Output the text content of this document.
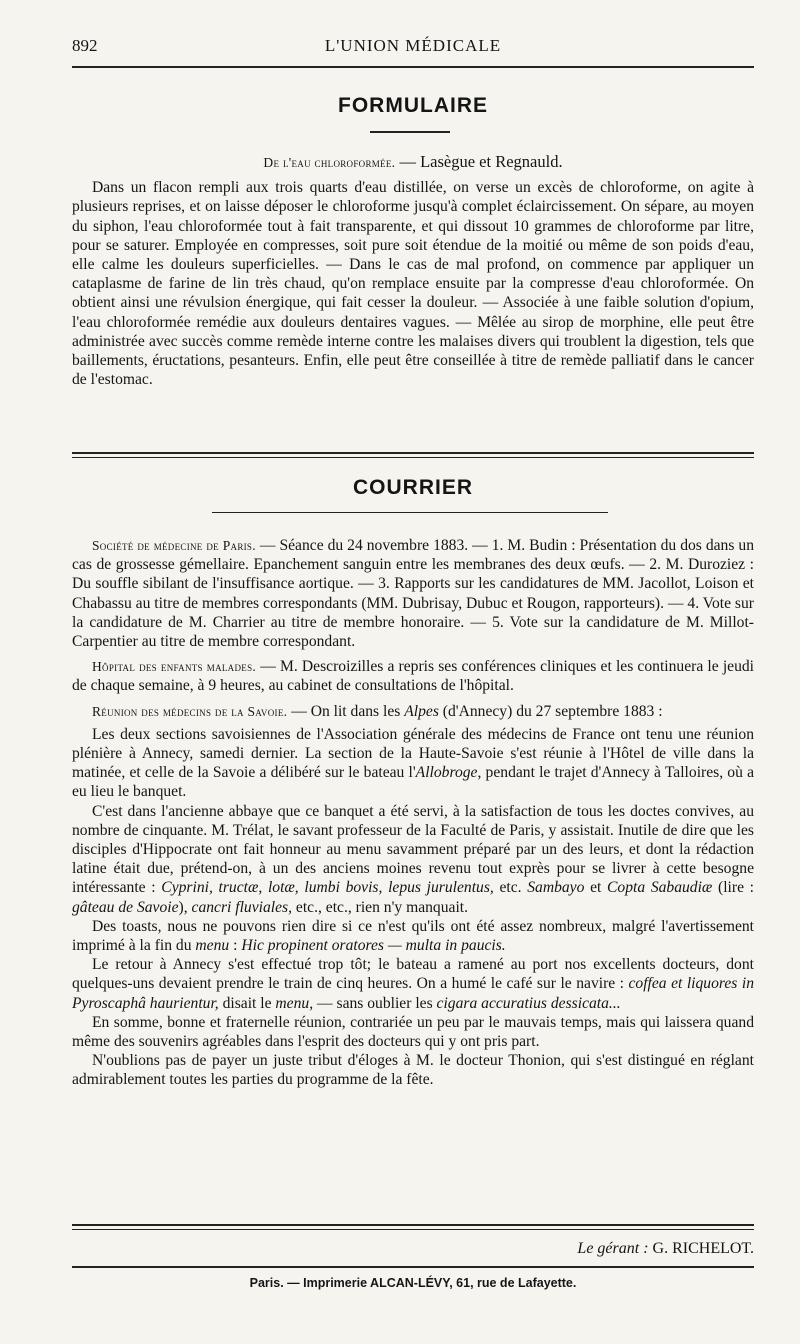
892	L'UNION MÉDICALE
FORMULAIRE
De l'eau chloroformée. — Lasègue et Regnauld.

Dans un flacon rempli aux trois quarts d'eau distillée, on verse un excès de chloroforme, on agite à plusieurs reprises, et on laisse déposer le chloroforme jusqu'à complet éclaircissement. On sépare, au moyen du siphon, l'eau chloroformée tout à fait transparente, et qui dissout 10 grammes de chloroforme par litre, pour se saturer. Employée en compresses, soit pure soit étendue de la moitié ou même de son poids d'eau, elle calme les douleurs superficielles. — Dans le cas de mal profond, on commence par appliquer un cataplasme de farine de lin très chaud, qu'on remplace ensuite par la compresse d'eau chloroformée. On obtient ainsi une révulsion énergique, qui fait cesser la douleur. — Associée à une faible solution d'opium, l'eau chloroformée remédie aux douleurs dentaires vagues. — Mêlée au sirop de morphine, elle peut être administrée avec succès comme remède interne contre les malaises divers qui troublent la digestion, tels que baillements, éructations, pesanteurs. Enfin, elle peut être conseillée à titre de remède palliatif dans le cancer de l'estomac.

COURRIER

Société de médecine de Paris. — Séance du 24 novembre 1883. — 1. M. Budin : Présentation du dos dans un cas de grossesse gémellaire. Epanchement sanguin entre les membranes des deux œufs. — 2. M. Duroziez : Du souffle sibilant de l'insuffisance aortique. — 3. Rapports sur les candidatures de MM. Jacollot, Loison et Chabassu au titre de membres correspondants (MM. Dubrisay, Dubuc et Rougon, rapporteurs). — 4. Vote sur la candidature de M. Charrier au titre de membre honoraire. — 5. Vote sur la candidature de M. Millot-Carpentier au titre de membre correspondant.

Hôpital des enfants malades. — M. Descroizilles a repris ses conférences cliniques et les continuera le jeudi de chaque semaine, à 9 heures, au cabinet de consultations de l'hôpital.

Réunion des médecins de la Savoie. — On lit dans les Alpes (d'Annecy) du 27 septembre 1883 :

Les deux sections savoisiennes de l'Association générale des médecins de France ont tenu une réunion plénière à Annecy, samedi dernier. La section de la Haute-Savoie s'est réunie à l'Hôtel de ville dans la matinée, et celle de la Savoie a délibéré sur le bateau l'Allobroge, pendant le trajet d'Annecy à Talloires, où a eu lieu le banquet.

C'est dans l'ancienne abbaye que ce banquet a été servi, à la satisfaction de tous les doctes convives, au nombre de cinquante. M. Trélat, le savant professeur de la Faculté de Paris, y assistait. Inutile de dire que les disciples d'Hippocrate ont fait honneur au menu savamment préparé par un des leurs, et dont la rédaction latine était due, prétend-on, à un des anciens moines revenu tout exprès pour se livrer à cette besogne intéressante : Cyprini, tructæ, lotæ, lumbi bovis, lepus jurulentus, etc. Sambayo et Copta Sabaudiæ (lire : gâteau de Savoie), cancri fluviales, etc., etc., rien n'y manquait.

Des toasts, nous ne pouvons rien dire si ce n'est qu'ils ont été assez nombreux, malgré l'avertissement imprimé à la fin du menu : Hic propinent oratores — multa in paucis.

Le retour à Annecy s'est effectué trop tôt; le bateau a ramené au port nos excellents docteurs, dont quelques-uns devaient prendre le train de cinq heures. On a humé le café sur le navire : coffea et liquores in Pyroscaphâ haurientur, disait le menu, — sans oublier les cigara accuratius dessicata...

En somme, bonne et fraternelle réunion, contrariée un peu par le mauvais temps, mais qui laissera quand même des souvenirs agréables dans l'esprit des docteurs qui y ont pris part.

N'oublions pas de payer un juste tribut d'éloges à M. le docteur Thonion, qui s'est distingué en réglant admirablement toutes les parties du programme de la fête.

Le gérant : G. RICHELOT.
Paris. — Imprimerie ALCAN-LÉVY, 61, rue de Lafayette.
